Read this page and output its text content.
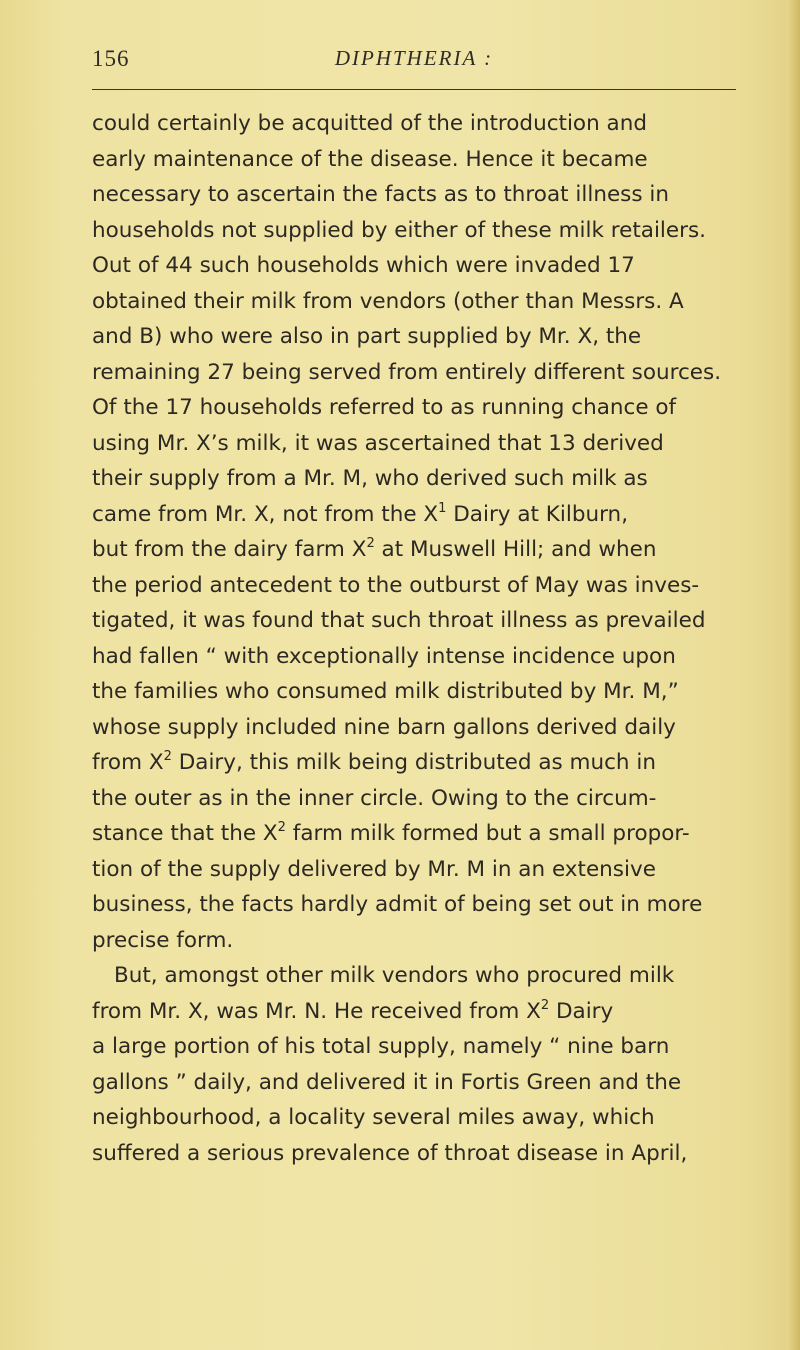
156	DIPHTHERIA :
could certainly be acquitted of the introduction and
early maintenance of the disease. Hence it became
necessary to ascertain the facts as to throat illness in
households not supplied by either of these milk retailers.
Out of 44 such households which were invaded 17
obtained their milk from vendors (other than Messrs. A
and B) who were also in part supplied by Mr. X, the
remaining 27 being served from entirely different sources.
Of the 17 households referred to as running chance of
using Mr. X’s milk, it was ascertained that 13 derived
their supply from a Mr. M, who derived such milk as
came from Mr. X, not from the $X^1$ Dairy at Kilburn,
but from the dairy farm $X^2$ at Muswell Hill; and when
the period antecedent to the outburst of May was inves-
tigated, it was found that such throat illness as prevailed
had fallen “ with exceptionally intense incidence upon
the families who consumed milk distributed by Mr. M,”
whose supply included nine barn gallons derived daily
from $X^2$ Dairy, this milk being distributed as much in
the outer as in the inner circle. Owing to the circum-
stance that the $X^2$ farm milk formed but a small propor-
tion of the supply delivered by Mr. M in an extensive
business, the facts hardly admit of being set out in more
precise form.
But, amongst other milk vendors who procured milk
from Mr. X, was Mr. N. He received from $X^2$ Dairy
a large portion of his total supply, namely “ nine barn
gallons ” daily, and delivered it in Fortis Green and the
neighbourhood, a locality several miles away, which
suffered a serious prevalence of throat disease in April,
